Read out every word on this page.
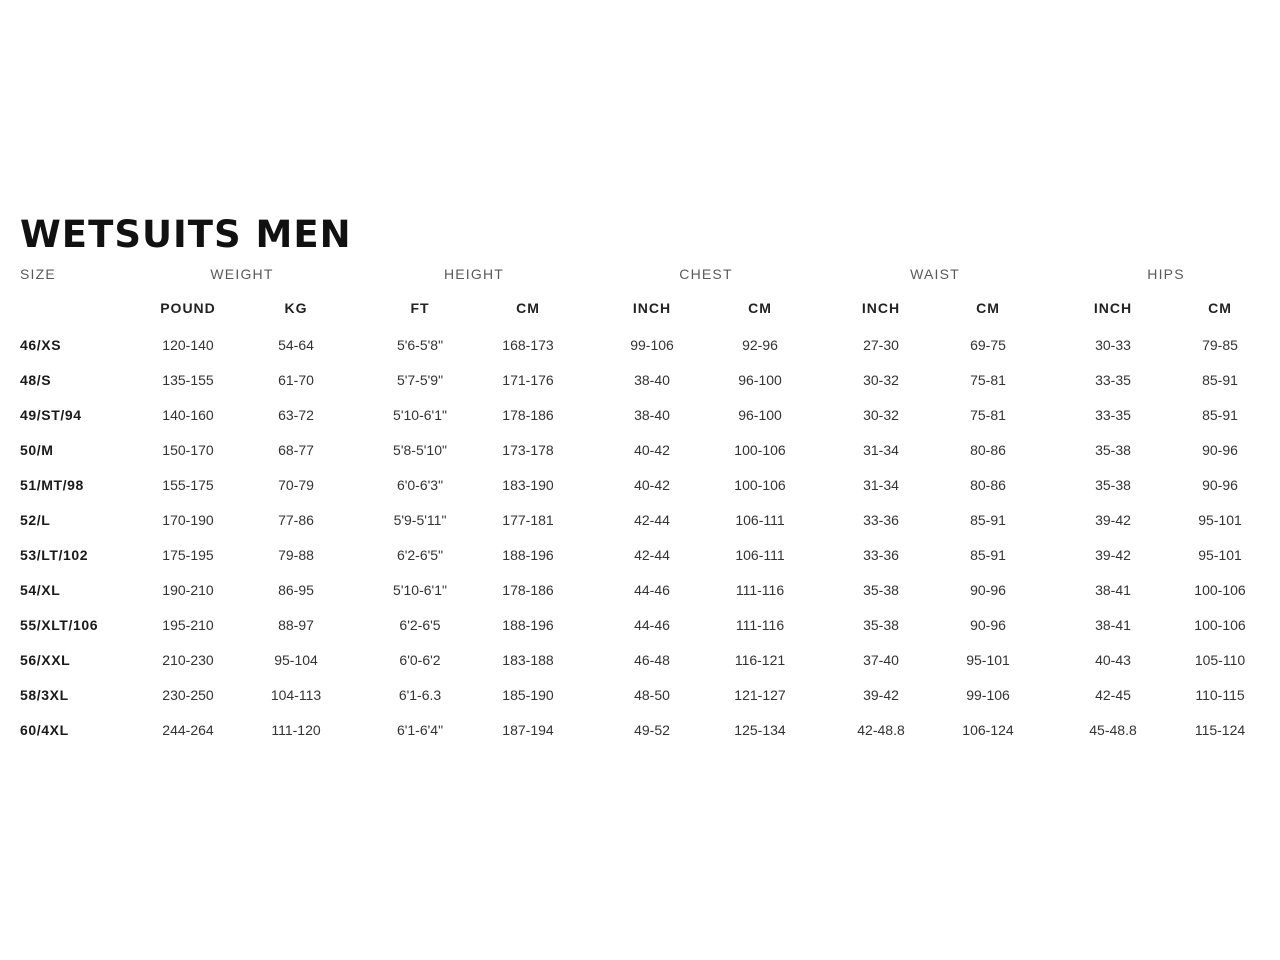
WETSUITS MEN
SIZE	WEIGHT	HEIGHT	CHEST	WAIST	HIPS
POUND	KG	FT	CM	INCH	CM	INCH	CM	INCH	CM
46/XS	120-140	54-64	5'6-5'8"	168-173	99-106	92-96	27-30	69-75	30-33	79-85
48/S	135-155	61-70	5'7-5'9"	171-176	38-40	96-100	30-32	75-81	33-35	85-91
49/ST/94	140-160	63-72	5'10-6'1"	178-186	38-40	96-100	30-32	75-81	33-35	85-91
50/M	150-170	68-77	5'8-5'10"	173-178	40-42	100-106	31-34	80-86	35-38	90-96
51/MT/98	155-175	70-79	6'0-6'3"	183-190	40-42	100-106	31-34	80-86	35-38	90-96
52/L	170-190	77-86	5'9-5'11"	177-181	42-44	106-111	33-36	85-91	39-42	95-101
53/LT/102	175-195	79-88	6'2-6'5"	188-196	42-44	106-111	33-36	85-91	39-42	95-101
54/XL	190-210	86-95	5'10-6'1"	178-186	44-46	111-116	35-38	90-96	38-41	100-106
55/XLT/106	195-210	88-97	6'2-6'5	188-196	44-46	111-116	35-38	90-96	38-41	100-106
56/XXL	210-230	95-104	6'0-6'2	183-188	46-48	116-121	37-40	95-101	40-43	105-110
58/3XL	230-250	104-113	6'1-6.3	185-190	48-50	121-127	39-42	99-106	42-45	110-115
60/4XL	244-264	111-120	6'1-6'4"	187-194	49-52	125-134	42-48.8	106-124	45-48.8	115-124
